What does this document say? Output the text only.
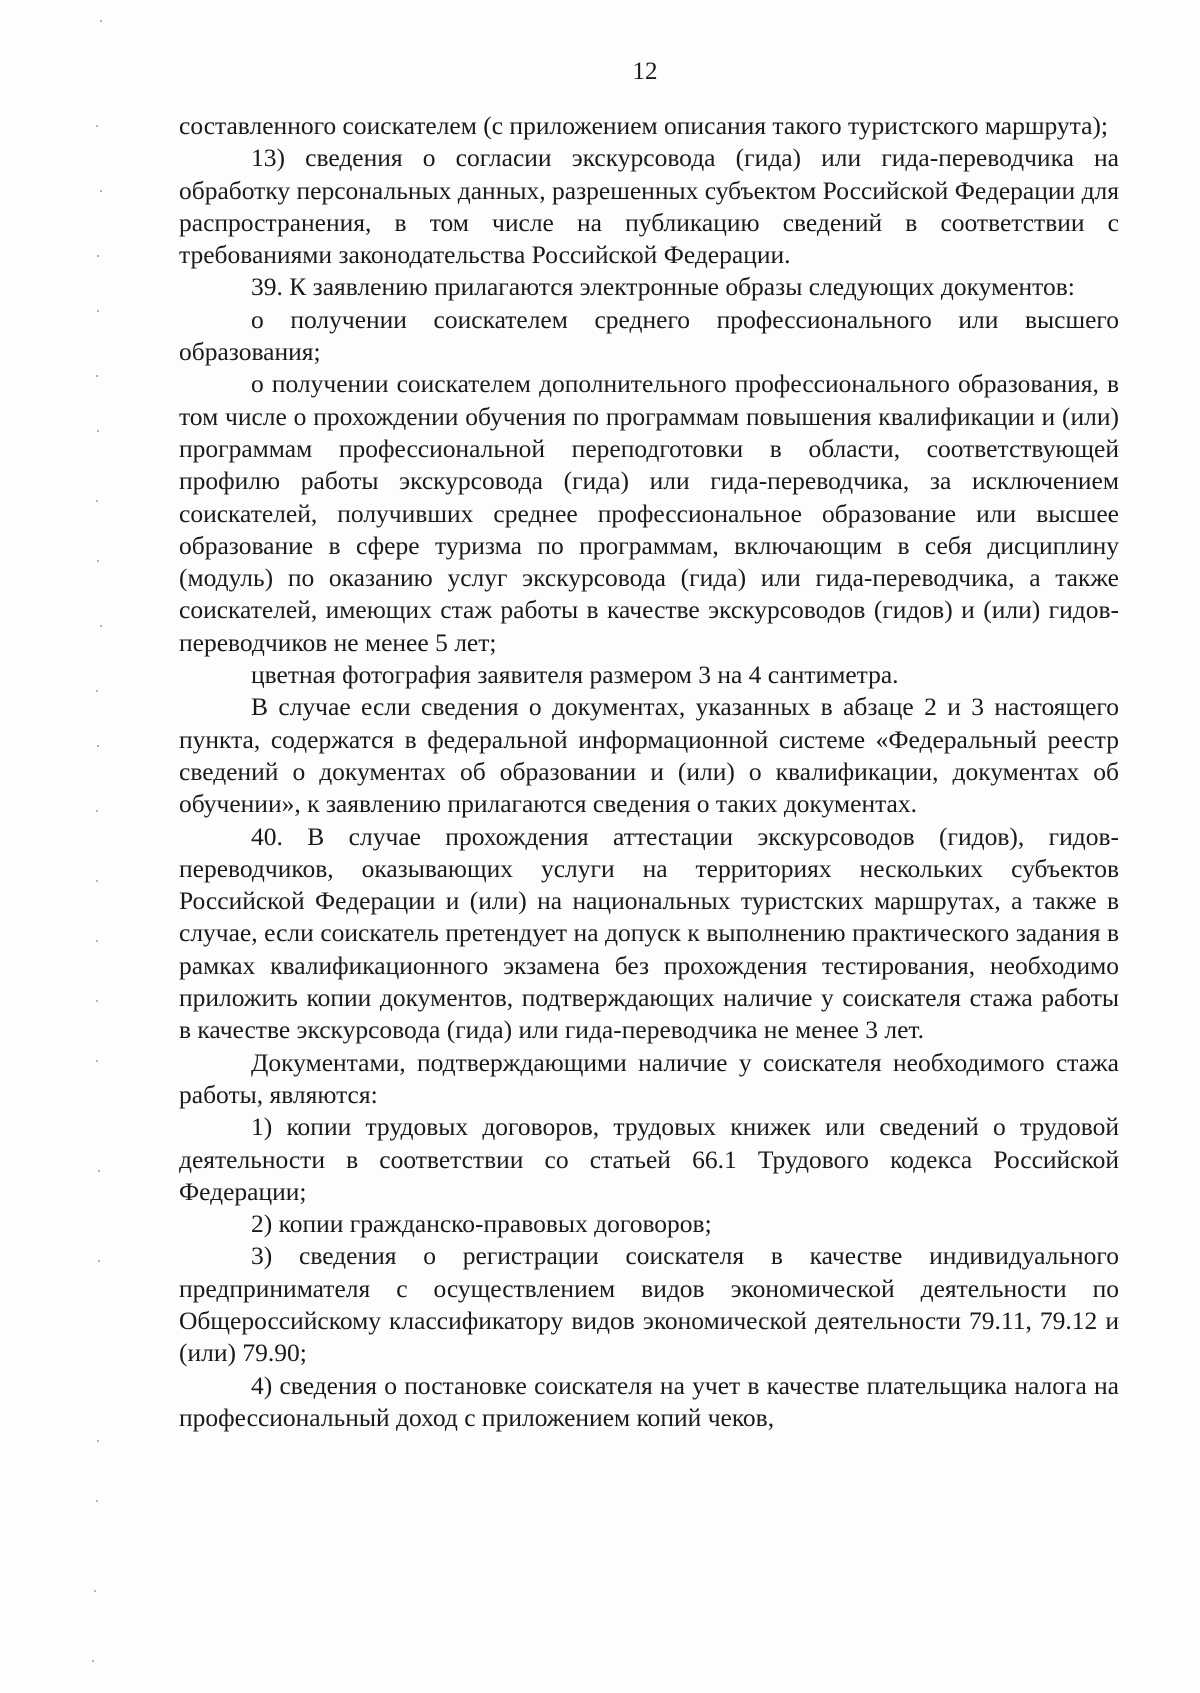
12

составленного соискателем (с приложением описания такого туристского маршрута);

13) сведения о согласии экскурсовода (гида) или гида-переводчика на обработку персональных данных, разрешенных субъектом Российской Федерации для распространения, в том числе на публикацию сведений в соответствии с требованиями законодательства Российской Федерации.

39. К заявлению прилагаются электронные образы следующих документов:

о получении соискателем среднего профессионального или высшего образования;

о получении соискателем дополнительного профессионального образования, в том числе о прохождении обучения по программам повышения квалификации и (или) программам профессиональной переподготовки в области, соответствующей профилю работы экскурсовода (гида) или гида-переводчика, за исключением соискателей, получивших среднее профессиональное образование или высшее образование в сфере туризма по программам, включающим в себя дисциплину (модуль) по оказанию услуг экскурсовода (гида) или гида-переводчика, а также соискателей, имеющих стаж работы в качестве экскурсоводов (гидов) и (или) гидов-переводчиков не менее 5 лет;

цветная фотография заявителя размером 3 на 4 сантиметра.

В случае если сведения о документах, указанных в абзаце 2 и 3 настоящего пункта, содержатся в федеральной информационной системе «Федеральный реестр сведений о документах об образовании и (или) о квалификации, документах об обучении», к заявлению прилагаются сведения о таких документах.

40. В случае прохождения аттестации экскурсоводов (гидов), гидов-переводчиков, оказывающих услуги на территориях нескольких субъектов Российской Федерации и (или) на национальных туристских маршрутах, а также в случае, если соискатель претендует на допуск к выполнению практического задания в рамках квалификационного экзамена без прохождения тестирования, необходимо приложить копии документов, подтверждающих наличие у соискателя стажа работы в качестве экскурсовода (гида) или гида-переводчика не менее 3 лет.

Документами, подтверждающими наличие у соискателя необходимого стажа работы, являются:

1) копии трудовых договоров, трудовых книжек или сведений о трудовой деятельности в соответствии со статьей 66.1 Трудового кодекса Российской Федерации;

2) копии гражданско-правовых договоров;

3) сведения о регистрации соискателя в качестве индивидуального предпринимателя с осуществлением видов экономической деятельности по Общероссийскому классификатору видов экономической деятельности 79.11, 79.12 и (или) 79.90;

4) сведения о постановке соискателя на учет в качестве плательщика налога на профессиональный доход с приложением копий чеков,
